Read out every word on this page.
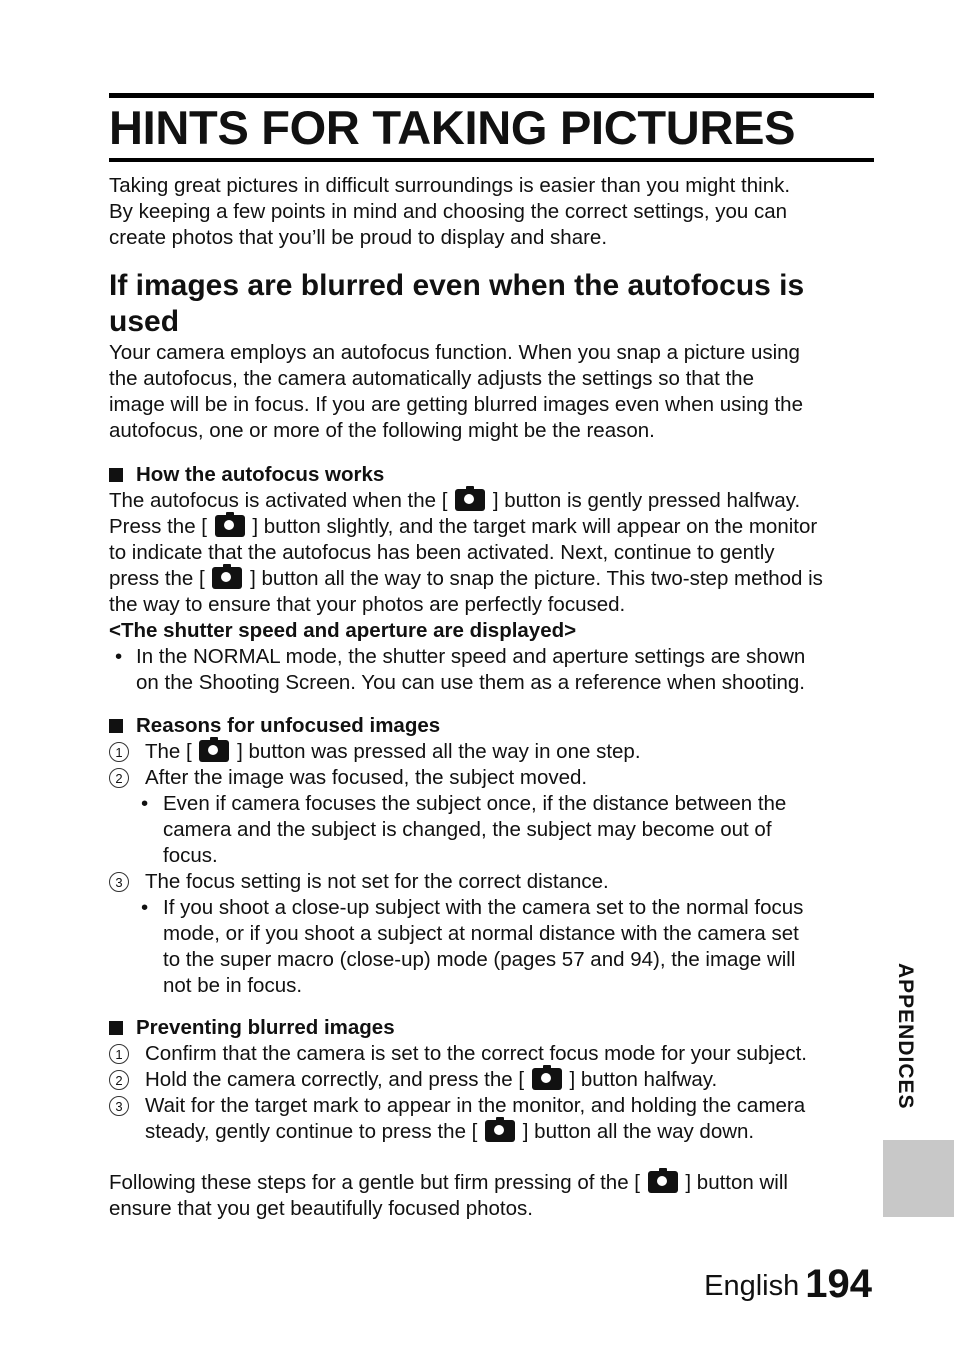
HINTS FOR TAKING PICTURES

Taking great pictures in difficult surroundings is easier than you might think.

By keeping a few points in mind and choosing the correct settings, you can

create photos that you’ll be proud to display and share.

If images are blurred even when the autofocus is
used

Your camera employs an autofocus function. When you snap a picture using

the autofocus, the camera automatically adjusts the settings so that the

image will be in focus. If you are getting blurred images even when using the

autofocus, one or more of the following might be the reason.

How the autofocus works

The autofocus is activated when the [ ] button is gently pressed halfway.

Press the [ ] button slightly, and the target mark will appear on the monitor

to indicate that the autofocus has been activated. Next, continue to gently

press the [ ] button all the way to snap the picture. This two-step method is

the way to ensure that your photos are perfectly focused.

<The shutter speed and aperture are displayed>

• In the NORMAL mode, the shutter speed and aperture settings are shown

on the Shooting Screen. You can use them as a reference when shooting.

Reasons for unfocused images

1	The [ ] button was pressed all the way in one step.

2	After the image was focused, the subject moved.

• Even if camera focuses the subject once, if the distance between the

camera and the subject is changed, the subject may become out of

focus.

3	The focus setting is not set for the correct distance.

• If you shoot a close-up subject with the camera set to the normal focus

mode, or if you shoot a subject at normal distance with the camera set

to the super macro (close-up) mode (pages 57 and 94), the image will

not be in focus.

Preventing blurred images

1	Confirm that the camera is set to the correct focus mode for your subject.

2	Hold the camera correctly, and press the [ ] button halfway.

3	Wait for the target mark to appear in the monitor, and holding the camera

steady, gently continue to press the [ ] button all the way down.

Following these steps for a gentle but firm pressing of the [ ] button will

ensure that you get beautifully focused photos.

APPENDICES
English 194
